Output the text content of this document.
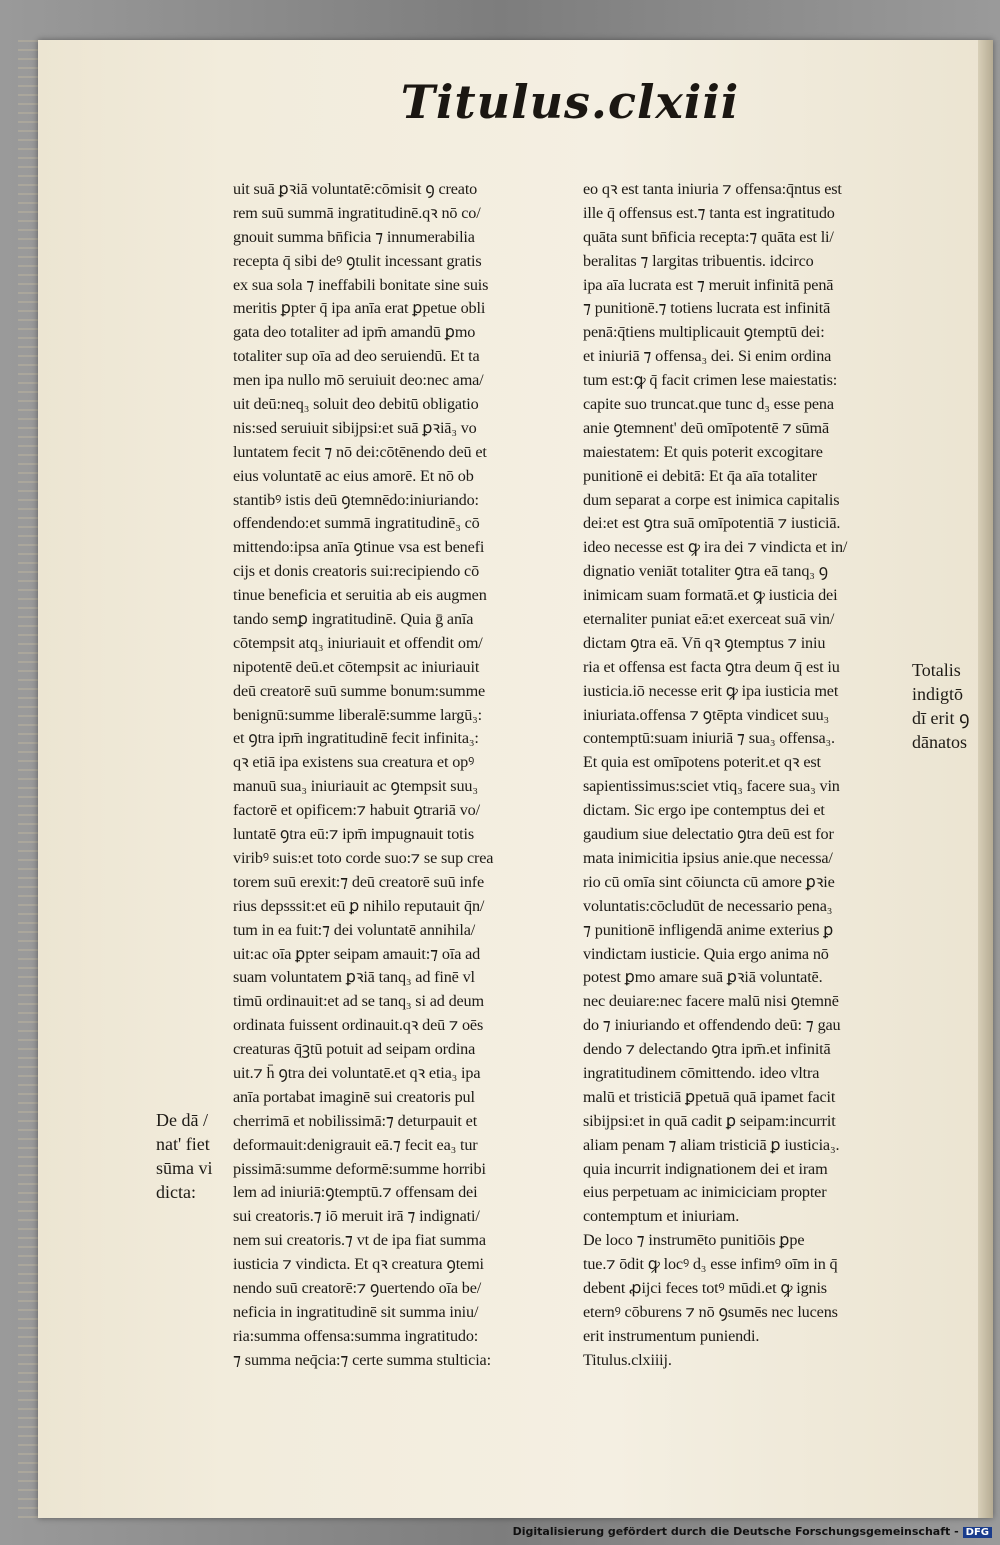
Titulus.clxiii
uit suā ꝑꝛiā voluntatē:cōmisit ꝯ creato
rem suū summā ingratitudinē.qꝛ nō co/
gnouit summa bn̄ficia ⁊ innumerabilia
recepta q̄ sibi deꝰ ꝯtulit incessant gratis
ex sua sola ⁊ ineffabili bonitate sine suis
meritis ꝑpter q̄ ipa anīa erat ꝑpetue obli
gata deo totaliter ad ipm̄ amandū ꝑmo
totaliter sup oīa ad deo seruiendū. Et ta
men ipa nullo mō seruiuit deo:nec ama/
uit deū:neq₃ soluit deo debitū obligatio
nis:sed seruiuit sibijpsi:et suā ꝑꝛiā₃ vo
luntatem fecit ⁊ nō dei:cōtēnendo deū et
eius voluntatē ac eius amorē. Et nō ob
stantibꝰ istis deū ꝯtemnēdo:iniuriando:
offendendo:et summā ingratitudinē₃ cō
mittendo:ipsa anīa ꝯtinue vsa est benefi
cijs et donis creatoris sui:recipiendo cō
tinue beneficia et seruitia ab eis augmen
tando semꝑ ingratitudinē. Quia ḡ anīa
cōtempsit atq₃ iniuriauit et offendit om/
nipotentē deū.et cōtempsit ac iniuriauit
deū creatorē suū summe bonum:summe
benignū:summe liberalē:summe largū₃:
et ꝯtra ipm̄ ingratitudinē fecit infinita₃:
qꝛ etiā ipa existens sua creatura et opꝰ
manuū sua₃ iniuriauit ac ꝯtempsit suu₃
factorē et opificem:⁊ habuit ꝯtrariā vo/
luntatē ꝯtra eū:⁊ ipm̄ impugnauit totis
viribꝰ suis:et toto corde suo:⁊ se sup crea
torem suū erexit:⁊ deū creatorē suū infe
rius depsssit:et eū ꝑ nihilo reputauit q̄n/
tum in ea fuit:⁊ dei voluntatē annihila/
uit:ac oīa ꝑpter seipam amauit:⁊ oīa ad
suam voluntatem ꝑꝛiā tanq₃ ad finē vl
timū ordinauit:et ad se tanq₃ si ad deum
ordinata fuissent ordinauit.qꝛ deū ⁊ oēs
creaturas q̄ꝫtū potuit ad seipam ordina
uit.⁊ h̄ ꝯtra dei voluntatē.et qꝛ etia₃ ipa
anīa portabat imaginē sui creatoris pul
cherrimā et nobilissimā:⁊ deturpauit et
deformauit:denigrauit eā.⁊ fecit ea₃ tur
pissimā:summe deformē:summe horribi
lem ad iniuriā:ꝯtemptū.⁊ offensam dei
sui creatoris.⁊ iō meruit irā ⁊ indignati/
nem sui creatoris.⁊ vt de ipa fiat summa
iusticia ⁊ vindicta. Et qꝛ creatura ꝯtemi
nendo suū creatorē:⁊ ꝯuertendo oīa be/
neficia in ingratitudinē sit summa iniu/
ria:summa offensa:summa ingratitudo:
⁊ summa neq̄cia:⁊ certe summa stulticia:
eo qꝛ est tanta iniuria ⁊ offensa:q̄ntus est
ille q̄ offensus est.⁊ tanta est ingratitudo
quāta sunt bn̄ficia recepta:⁊ quāta est li/
beralitas ⁊ largitas tribuentis. idcirco
ipa aīa lucrata est ⁊ meruit infinitā penā
⁊ punitionē.⁊ totiens lucrata est infinitā
penā:q̄tiens multiplicauit ꝯtemptū dei:
et iniuriā ⁊ offensa₃ dei. Si enim ordina
tum est:ꝙ q̄ facit crimen lese maiestatis:
capite suo truncat.que tunc d₃ esse pena
anie ꝯtemnent' deū omīpotentē ⁊ sūmā
maiestatem: Et quis poterit excogitare
punitionē ei debitā: Et q̄a aīa totaliter
dum separat a corpe est inimica capitalis
dei:et est ꝯtra suā omīpotentiā ⁊ iusticiā.
ideo necesse est ꝙ ira dei ⁊ vindicta et in/
dignatio veniāt totaliter ꝯtra eā tanq₃ ꝯ
inimicam suam formatā.et ꝙ iusticia dei
eternaliter puniat eā:et exerceat suā vin/
dictam ꝯtra eā. Vn̄ qꝛ ꝯtemptus ⁊ iniu
ria et offensa est facta ꝯtra deum q̄ est iu
iusticia.iō necesse erit ꝙ ipa iusticia met
iniuriata.offensa ⁊ ꝯtēpta vindicet suu₃
contemptū:suam iniuriā ⁊ sua₃ offensa₃.
Et quia est omīpotens poterit.et qꝛ est
sapientissimus:sciet vtiq₃ facere sua₃ vin
dictam. Sic ergo ipe contemptus dei et
gaudium siue delectatio ꝯtra deū est for
mata inimicitia ipsius anie.que necessa/
rio cū omīa sint cōiuncta cū amore ꝑꝛie
voluntatis:cōcludūt de necessario pena₃
⁊ punitionē infligendā anime exterius ꝑ
vindictam iusticie. Quia ergo anima nō
potest ꝑmo amare suā ꝑꝛiā voluntatē.
nec deuiare:nec facere malū nisi ꝯtemnē
do ⁊ iniuriando et offendendo deū: ⁊ gau
dendo ⁊ delectando ꝯtra ipm̄.et infinitā
ingratitudinem cōmittendo. ideo vltra
malū et tristiciā ꝑpetuā quā ipamet facit
sibijpsi:et in quā cadit ꝑ seipam:incurrit
aliam penam ⁊ aliam tristiciā ꝑ iusticia₃.
quia incurrit indignationem dei et iram
eius perpetuam ac inimiciciam propter
contemptum et iniuriam.
De loco ⁊ instrumēto punitiōis ꝑpe
tue.⁊ ōdit ꝙ locꝰ d₃ esse infimꝰ oīm in q̄
debent ꝓijci feces totꝰ mūdi.et ꝙ ignis
eternꝰ cōburens ⁊ nō ꝯsumēs nec lucens
erit instrumentum puniendi.
Titulus.clxiiij.
De dā /
nat' fiet
sūma vi
dicta:
Totalis
indigtō
dī erit ꝯ
dānatos
Digitalisierung gefördert durch die Deutsche Forschungsgemeinschaft - DFG
